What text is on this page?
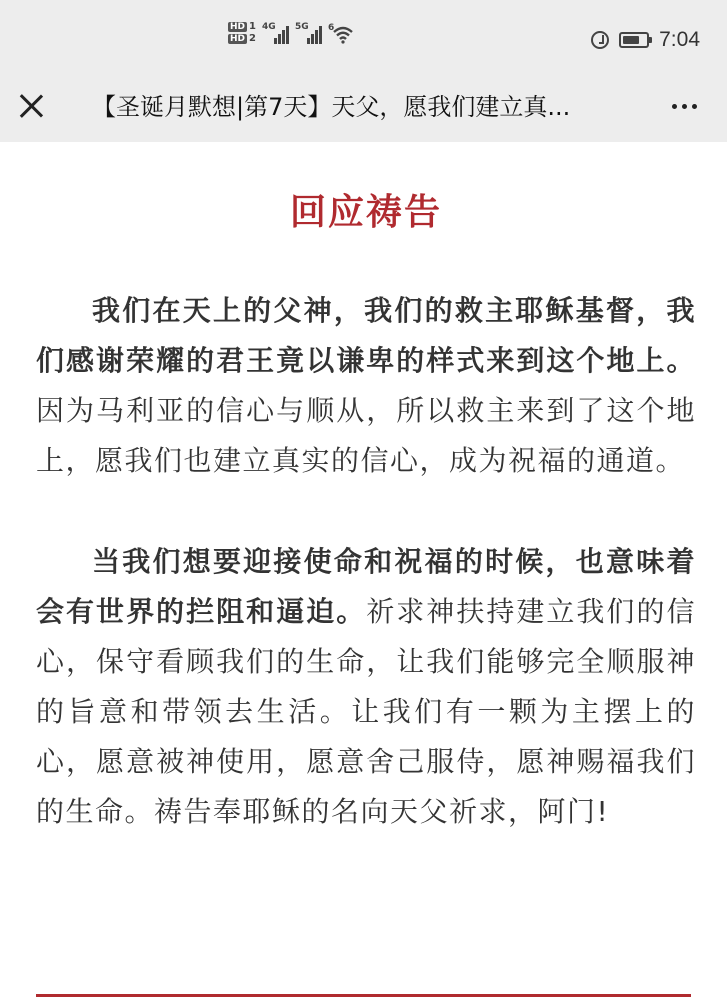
HD 1
HD 2
4G 5G 6	7:04
【圣诞月默想|第7天】天父，愿我们建立真...
回应祷告

我们在天上的父神，我们的救主耶稣基督，我们感谢荣耀的君王竟以谦卑的样式来到这个地上。因为马利亚的信心与顺从，所以救主来到了这个地上，愿我们也建立真实的信心，成为祝福的通道。

当我们想要迎接使命和祝福的时候，也意味着会有世界的拦阻和逼迫。祈求神扶持建立我们的信心，保守看顾我们的生命，让我们能够完全顺服神的旨意和带领去生活。让我们有一颗为主摆上的心，愿意被神使用，愿意舍己服侍，愿神赐福我们的生命。祷告奉耶稣的名向天父祈求，阿门!
